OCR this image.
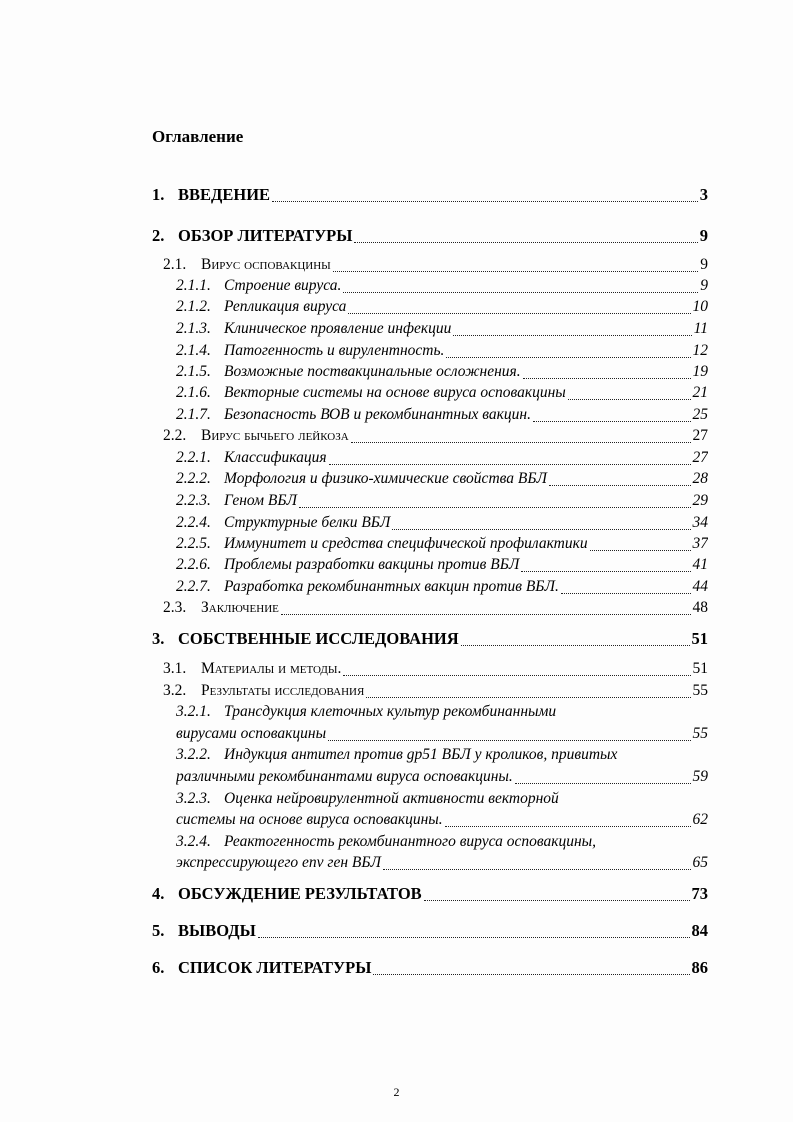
Оглавление
1. ВВЕДЕНИЕ	3
2. ОБЗОР ЛИТЕРАТУРЫ	9
2.1. Вирус осповакцины	9
2.1.1. Строение вируса.	9
2.1.2. Репликация вируса	10
2.1.3. Клиническое проявление инфекции	11
2.1.4. Патогенность и вирулентность.	12
2.1.5. Возможные поствакцинальные осложнения.	19
2.1.6. Векторные системы на основе вируса осповакцины	21
2.1.7. Безопасность ВОВ и рекомбинантных вакцин.	25
2.2. Вирус бычьего лейкоза	27
2.2.1. Классификация	27
2.2.2. Морфология и физико-химические свойства ВБЛ	28
2.2.3. Геном ВБЛ	29
2.2.4. Структурные белки ВБЛ	34
2.2.5. Иммунитет и средства специфической профилактики	37
2.2.6. Проблемы разработки вакцины против ВБЛ	41
2.2.7. Разработка рекомбинантных вакцин против ВБЛ.	44
2.3. Заключение	48
3. СОБСТВЕННЫЕ ИССЛЕДОВАНИЯ	51
3.1. Материалы и методы.	51
3.2. Результаты исследования	55
3.2.1. Трансдукция клеточных культур рекомбинанными
вирусами осповакцины	55
3.2.2. Индукция антител против gp51 ВБЛ у кроликов, привитых
различными рекомбинантами вируса осповакцины.	59
3.2.3. Оценка нейровирулентной активности векторной
системы на основе вируса осповакцины.	62
3.2.4. Реактогенность рекомбинантного вируса осповакцины,
экспрессирующего env ген ВБЛ	65
4. ОБСУЖДЕНИЕ РЕЗУЛЬТАТОВ	73
5. ВЫВОДЫ	84
6. СПИСОК ЛИТЕРАТУРЫ	86
2
